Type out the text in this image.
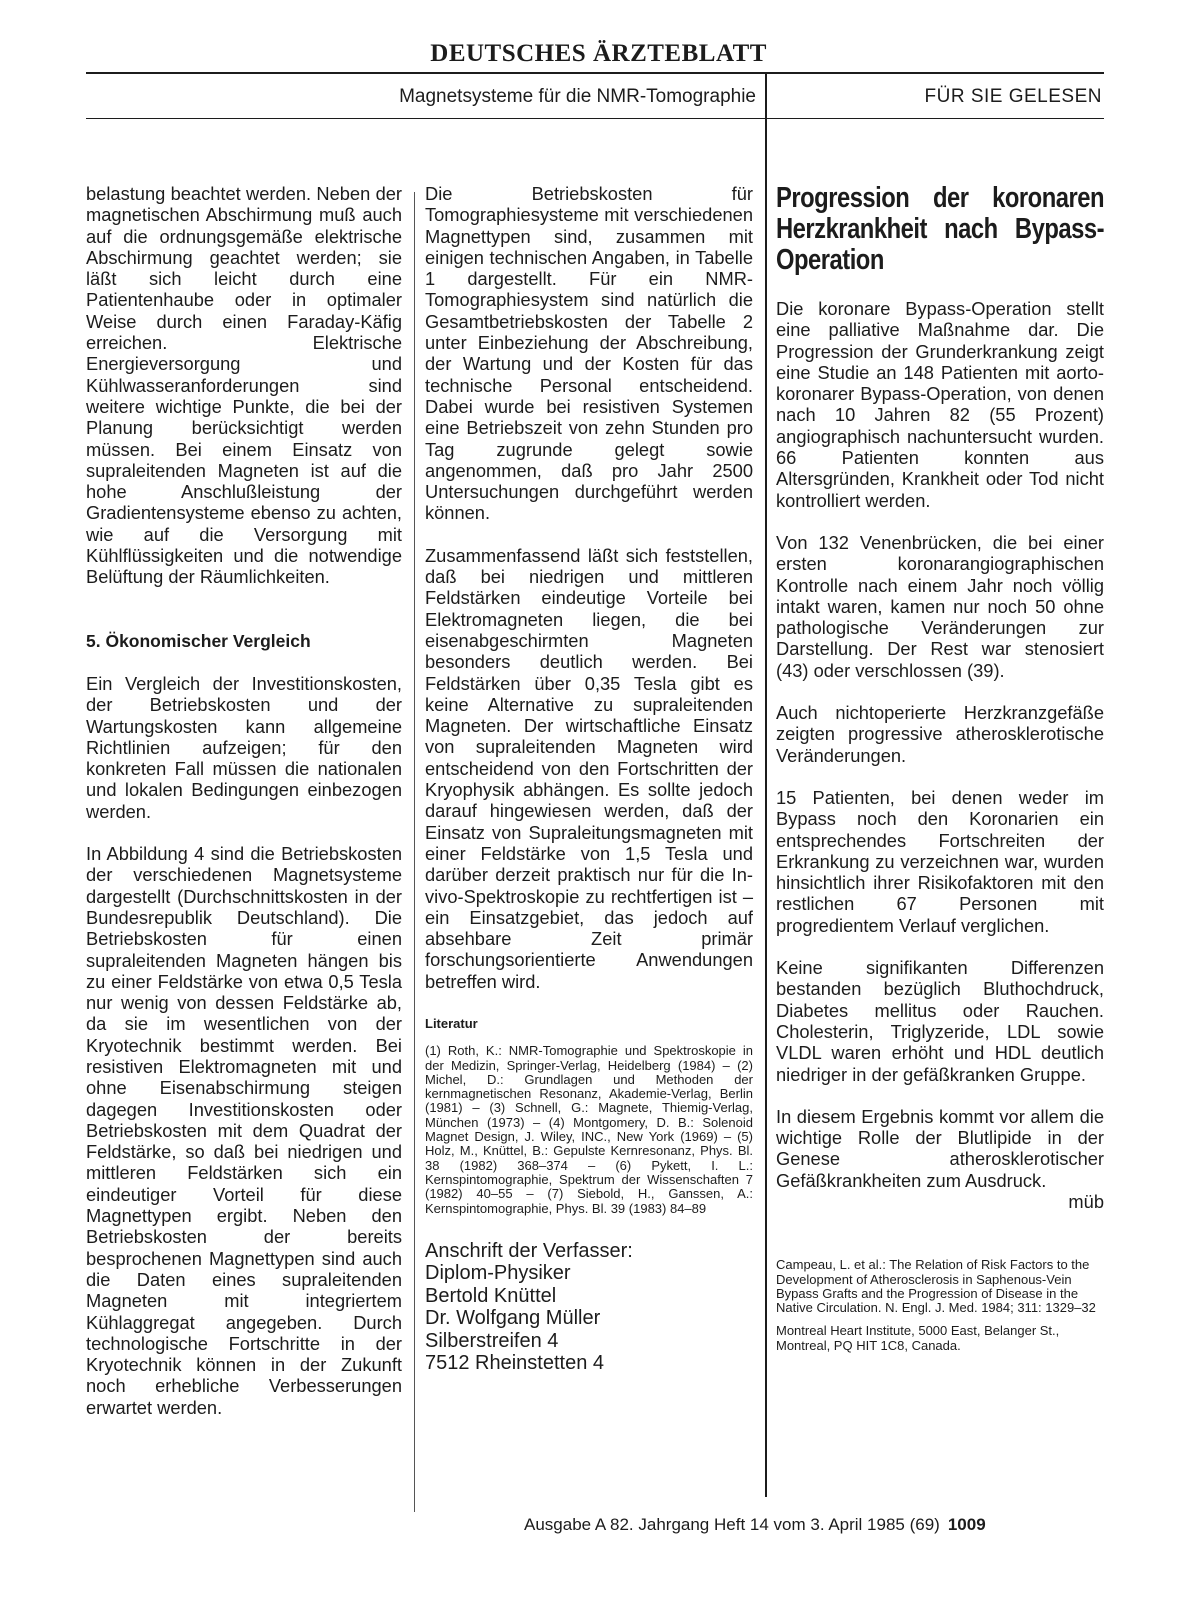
DEUTSCHES ÄRZTEBLATT
Magnetsysteme für die NMR-Tomographie	FÜR SIE GELESEN

belastung beachtet werden. Neben der magnetischen Abschirmung muß auch auf die ordnungsgemäße elektrische Abschirmung geachtet werden; sie läßt sich leicht durch eine Patientenhaube oder in optimaler Weise durch einen Faraday-Käfig erreichen. Elektrische Energieversorgung und Kühlwasseranforderungen sind weitere wichtige Punkte, die bei der Planung berücksichtigt werden müssen. Bei einem Einsatz von supraleitenden Magneten ist auf die hohe Anschlußleistung der Gradientensysteme ebenso zu achten, wie auf die Versorgung mit Kühlflüssigkeiten und die notwendige Belüftung der Räumlichkeiten.

5. Ökonomischer Vergleich

Ein Vergleich der Investitionskosten, der Betriebskosten und der Wartungskosten kann allgemeine Richtlinien aufzeigen; für den konkreten Fall müssen die nationalen und lokalen Bedingungen einbezogen werden.

In Abbildung 4 sind die Betriebskosten der verschiedenen Magnetsysteme dargestellt (Durchschnittskosten in der Bundesrepublik Deutschland). Die Betriebskosten für einen supraleitenden Magneten hängen bis zu einer Feldstärke von etwa 0,5 Tesla nur wenig von dessen Feldstärke ab, da sie im wesentlichen von der Kryotechnik bestimmt werden. Bei resistiven Elektromagneten mit und ohne Eisenabschirmung steigen dagegen Investitionskosten oder Betriebskosten mit dem Quadrat der Feldstärke, so daß bei niedrigen und mittleren Feldstärken sich ein eindeutiger Vorteil für diese Magnettypen ergibt. Neben den Betriebskosten der bereits besprochenen Magnettypen sind auch die Daten eines supraleitenden Magneten mit integriertem Kühlaggregat angegeben. Durch technologische Fortschritte in der Kryotechnik können in der Zukunft noch erhebliche Verbesserungen erwartet werden.

Die Betriebskosten für Tomographiesysteme mit verschiedenen Magnettypen sind, zusammen mit einigen technischen Angaben, in Tabelle 1 dargestellt. Für ein NMR-Tomographiesystem sind natürlich die Gesamtbetriebskosten der Tabelle 2 unter Einbeziehung der Abschreibung, der Wartung und der Kosten für das technische Personal entscheidend. Dabei wurde bei resistiven Systemen eine Betriebszeit von zehn Stunden pro Tag zugrunde gelegt sowie angenommen, daß pro Jahr 2500 Untersuchungen durchgeführt werden können.

Zusammenfassend läßt sich feststellen, daß bei niedrigen und mittleren Feldstärken eindeutige Vorteile bei Elektromagneten liegen, die bei eisenabgeschirmten Magneten besonders deutlich werden. Bei Feldstärken über 0,35 Tesla gibt es keine Alternative zu supraleitenden Magneten. Der wirtschaftliche Einsatz von supraleitenden Magneten wird entscheidend von den Fortschritten der Kryophysik abhängen. Es sollte jedoch darauf hingewiesen werden, daß der Einsatz von Supraleitungsmagneten mit einer Feldstärke von 1,5 Tesla und darüber derzeit praktisch nur für die In-vivo-Spektroskopie zu rechtfertigen ist – ein Einsatzgebiet, das jedoch auf absehbare Zeit primär forschungsorientierte Anwendungen betreffen wird.

Literatur
(1) Roth, K.: NMR-Tomographie und Spektroskopie in der Medizin, Springer-Verlag, Heidelberg (1984) – (2) Michel, D.: Grundlagen und Methoden der kernmagnetischen Resonanz, Akademie-Verlag, Berlin (1981) – (3) Schnell, G.: Magnete, Thiemig-Verlag, München (1973) – (4) Montgomery, D. B.: Solenoid Magnet Design, J. Wiley, INC., New York (1969) – (5) Holz, M., Knüttel, B.: Gepulste Kernresonanz, Phys. Bl. 38 (1982) 368–374 – (6) Pykett, I. L.: Kernspintomographie, Spektrum der Wissenschaften 7 (1982) 40–55 – (7) Siebold, H., Ganssen, A.: Kernspintomographie, Phys. Bl. 39 (1983) 84–89
Anschrift der Verfasser:
Diplom-Physiker
Bertold Knüttel
Dr. Wolfgang Müller
Silberstreifen 4
7512 Rheinstetten 4
Progression der koronaren Herzkrankheit nach Bypass-Operation

Die koronare Bypass-Operation stellt eine palliative Maßnahme dar. Die Progression der Grunderkrankung zeigt eine Studie an 148 Patienten mit aorto-koronarer Bypass-Operation, von denen nach 10 Jahren 82 (55 Prozent) angiographisch nachuntersucht wurden. 66 Patienten konnten aus Altersgründen, Krankheit oder Tod nicht kontrolliert werden.

Von 132 Venenbrücken, die bei einer ersten koronarangiographischen Kontrolle nach einem Jahr noch völlig intakt waren, kamen nur noch 50 ohne pathologische Veränderungen zur Darstellung. Der Rest war stenosiert (43) oder verschlossen (39).

Auch nichtoperierte Herzkranzgefäße zeigten progressive atherosklerotische Veränderungen.

15 Patienten, bei denen weder im Bypass noch den Koronarien ein entsprechendes Fortschreiten der Erkrankung zu verzeichnen war, wurden hinsichtlich ihrer Risikofaktoren mit den restlichen 67 Personen mit progredientem Verlauf verglichen.

Keine signifikanten Differenzen bestanden bezüglich Bluthochdruck, Diabetes mellitus oder Rauchen. Cholesterin, Triglyzeride, LDL sowie VLDL waren erhöht und HDL deutlich niedriger in der gefäßkranken Gruppe.

In diesem Ergebnis kommt vor allem die wichtige Rolle der Blutlipide in der Genese atherosklerotischer Gefäßkrankheiten zum Ausdruck.

müb
Campeau, L. et al.: The Relation of Risk Factors to the Development of Atherosclerosis in Saphenous-Vein Bypass Grafts and the Progression of Disease in the Native Circulation. N. Engl. J. Med. 1984; 311: 1329–32
Montreal Heart Institute, 5000 East, Belanger St., Montreal, PQ HIT 1C8, Canada.
Ausgabe A 82. Jahrgang Heft 14 vom 3. April 1985 (69) 1009
